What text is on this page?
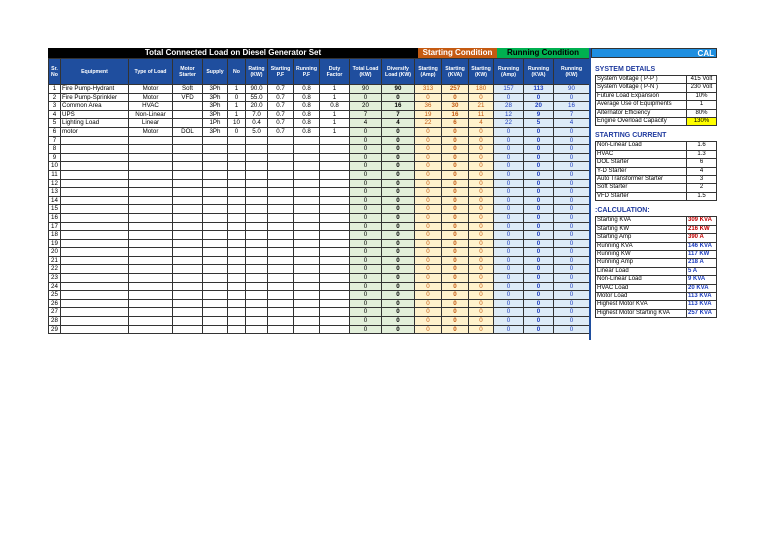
Total Connected Load on Diesel Generator Set	Starting Condition	Running Condition
Sr. No	Equipment	Type of Load	Motor Starter	Supply	No	Rating (KW)	Starting P.F	Running P.F	Duty Factor	Total Load (KW)	Diversify Load (KW)	Starting (Amp)	Starting (KVA)	Starting (KW)	Running (Amp)	Running (KVA)	Running (KW)
1	Fire Pump-Hydrant	Motor	Soft	3Ph	1	90.0	0.7	0.8	1	90	90	313	257	180	157	113	90
2	Fire Pump-Sprinkler	Motor	VFD	3Ph	0	55.0	0.7	0.8	1	0	0	0	0	0	0	0	0
3	Common Area	HVAC		3Ph	1	20.0	0.7	0.8	0.8	20	16	36	30	21	28	20	16
4	UPS	Non-Linear		3Ph	1	7.0	0.7	0.8	1	7	7	19	16	11	12	9	7
5	Lighting Load	Linear		1Ph	10	0.4	0.7	0.8	1	4	4	22	6	4	22	5	4
6	motor	Motor	DOL	3Ph	0	5.0	0.7	0.8	1	0	0	0	0	0	0	0	0
7										0	0	0	0	0	0	0	0
8										0	0	0	0	0	0	0	0
9										0	0	0	0	0	0	0	0
10										0	0	0	0	0	0	0	0
11										0	0	0	0	0	0	0	0
12										0	0	0	0	0	0	0	0
13										0	0	0	0	0	0	0	0
14										0	0	0	0	0	0	0	0
15										0	0	0	0	0	0	0	0
16										0	0	0	0	0	0	0	0
17										0	0	0	0	0	0	0	0
18										0	0	0	0	0	0	0	0
19										0	0	0	0	0	0	0	0
20										0	0	0	0	0	0	0	0
21										0	0	0	0	0	0	0	0
22										0	0	0	0	0	0	0	0
23										0	0	0	0	0	0	0	0
24										0	0	0	0	0	0	0	0
25										0	0	0	0	0	0	0	0
26										0	0	0	0	0	0	0	0
27										0	0	0	0	0	0	0	0
28										0	0	0	0	0	0	0	0
29										0	0	0	0	0	0	0	0
CAL
SYSTEM DETAILS
System Voltage ( P-P )	415 Volt
System Voltage ( P-N )	230 Volt
Future Load Expansion	10%
Average Use of Equipments	1
Alternator Efficiency	80%
Engine Overload Capacity	130%
STARTING CURRENT
Non-Linear Load	1.6
HVAC	1.3
DOL Starter	6
Y-D Starter	4
Auto Transformer Starter	3
Soft Starter	2
VFD Starter	1.5
:CALCULATION:
Starting KVA	309 KVA
Starting KW	216 KW
Starting Amp	390 A
Running KVA	146 KVA
Running KW	117 KW
Running Amp	218 A
Linear Load	5 A
Non-Linear Load	9 KVA
HVAC Load	20 KVA
Motor Load	113 KVA
Highest Motor KVA	113 KVA
Highest Motor Starting KVA	257 KVA
